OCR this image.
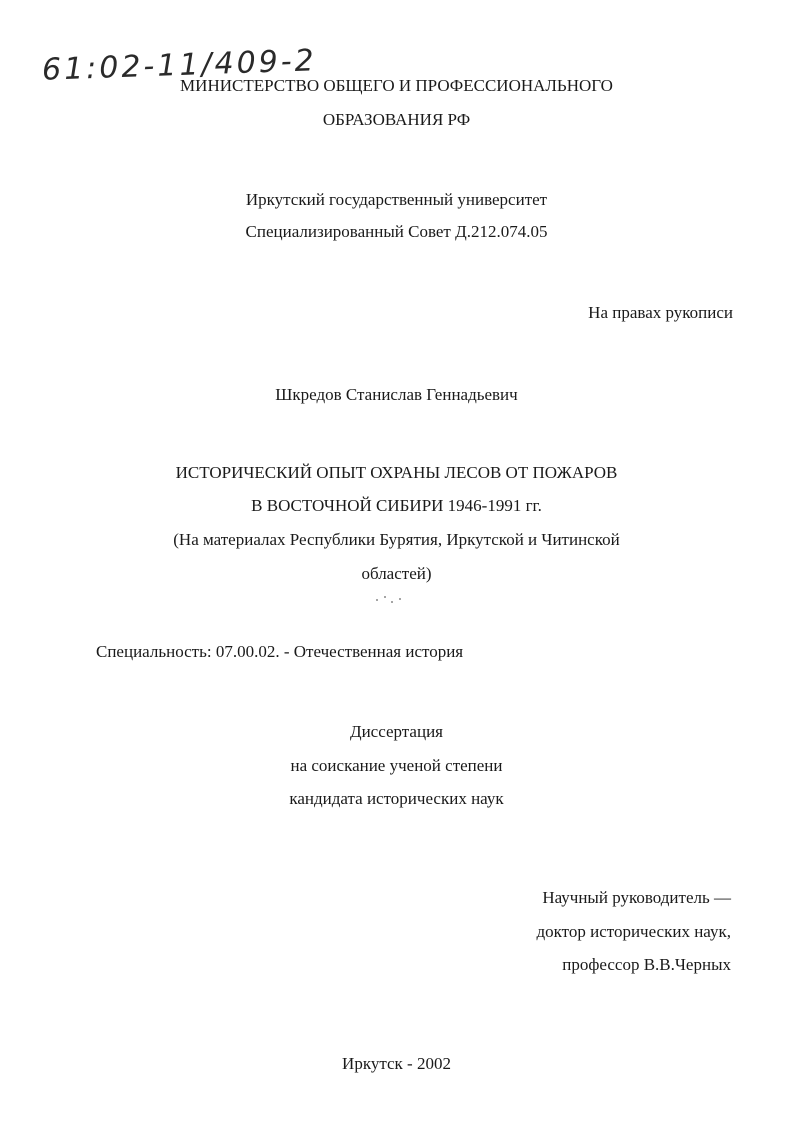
61:02-11/409-2
МИНИСТЕРСТВО ОБЩЕГО И ПРОФЕССИОНАЛЬНОГО
ОБРАЗОВАНИЯ РФ
Иркутский государственный университет
Специализированный Совет Д.212.074.05
На правах рукописи
Шкредов Станислав Геннадьевич
ИСТОРИЧЕСКИЙ ОПЫТ ОХРАНЫ ЛЕСОВ ОТ ПОЖАРОВ
В ВОСТОЧНОЙ СИБИРИ 1946-1991 гг.
(На материалах Республики Бурятия, Иркутской и Читинской
областей)
Специальность: 07.00.02. - Отечественная история
Диссертация
на соискание ученой степени
кандидата исторических наук
Научный руководитель —
доктор исторических наук,
профессор В.В.Черных
Иркутск - 2002
